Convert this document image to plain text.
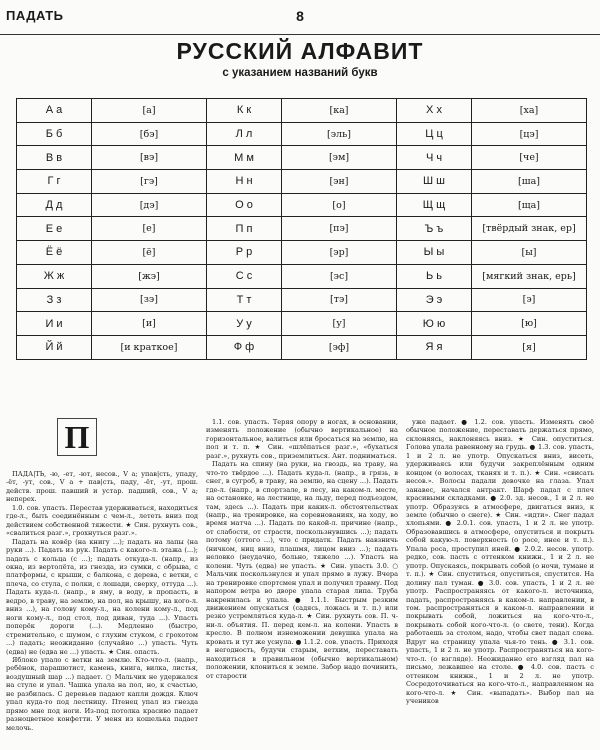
ПАДАТЬ	8
РУССКИЙ АЛФАВИТ
с указанием названий букв
А а	[а]	К к	[ка]	Х х	[ха]
Б б	[бэ]	Л л	[эль]	Ц ц	[цэ]
В в	[вэ]	М м	[эм]	Ч ч	[че]
Г г	[гэ]	Н н	[эн]	Ш ш	[ша]
Д д	[дэ]	О о	[о]	Щ щ	[ща]
Е е	[е]	П п	[пэ]	Ъ ъ	[твёрдый знак, ер]
Ё ё	[ё]	Р р	[эр]	Ы ы	[ы]
Ж ж	[жэ]	С с	[эс]	Ь ь	[мягкий знак, ерь]
З з	[зэ]	Т т	[тэ]	Э э	[э]
И и	[и]	У у	[у]	Ю ю	[ю]
Й й	[и краткое]	Ф ф	[эф]	Я я	[я]
П

ПАДА|ТЬ, -ю, -ет, -ют, несов., V а; упав|сть, упаду, -ёт, -ут, сов., V а + пав|сть, паду, -ёт, -ут, прош. действ. прош. павший и устар. падший, сов., V а; неперех.

1.0. сов. упасть. Перестав удерживаться, находиться где-л., быть соединённым с чем-л., лететь вниз под действием собственной тяжести. ★ Син. рухнуть сов., «свалиться разг.», грохнуться разг.».

Падать на ковёр (на книгу ...); падать на лапы (на руки ...). Падать из рук. Падать с какого-л. этажа (...); падать с кольца (с ...); падать откуда-л. (напр., из окна, из вертолёта, из гнезда, из сумки, с обрыва, с платформы, с крыши, с балкона, с дерева, с ветки, с плеча, со стула, с полки, с лошади, сверху, оттуда ...). Падать куда-л. (напр., в яму, в воду, в пропасть, в ведро, в траву, на землю, на пол, на крышу, на кого-л. вниз ...), на голову кому-л., на колени кому-л., под ноги кому-л., под стол, под диван, туда ...). Упасть поперёк дороги (...). Медленно (быстро, стремительно, с шумом, с глухим стуком, с грохотом ...) падать; неожиданно (случайно ...) упасть. Чуть (едва) не (едва не ...) упасть. ★ Син. опасть.

Яблоко упало с ветки на землю. Кто-что-л. (напр., ребёнок, парашютист, камень, книга, вилка, листья, воздушный шар ...) падает. ○ Мальчик не удержался на стуле и упал. Чашка упала на пол, но, к счастью, не разбилась. С деревьев падают капли дождя. Ключ упал куда-то под лестницу. Птенец упал из гнезда прямо мне под ноги. Из-под потолка красиво падает разноцветное конфетти. У меня из кошелька падает мелочь.

1.1. сов. упасть. Теряя опору в ногах, в основании, изменять положение (обычно вертикальное) на горизонтальное, валиться или бросаться на землю, на пол и т. п. ★ Син. «шлёпаться разг.», «бухаться разг.», рухнуть сов., приземлиться. Ант. подниматься.

Падать на спину (на руки, на гвоздь, на траву, на что-то твёрдое ...). Падать куда-л. (напр., в грязь, в снег, в сугроб, в траву, на землю, на сцену ...). Падать где-л. (напр., в спортзале, в лесу, на каком-л. месте, на остановке, на лестнице, на льду, перед подъездом, там, здесь ...). Падать при каких-л. обстоятельствах (напр., на тренировке, на соревнованиях, на ходу, во время матча ...). Падать по какой-л. причине (напр., от слабости, от страсти, поскользнувшись ...); падать потому (оттого ...), что с придатк. Падать навзничь (ничком, ниц вниз, плашмя, лицом вниз ...); падать неловко (неудачно, больно, тяжело ...). Упасть на колени. Чуть (едва) не упасть. ★ Син. упасть 3.0. ○ Мальчик поскользнулся и упал прямо в лужу. Вчера на тренировке спортсмен упал и получил травму. Под напором ветра во дворе упала старая липа. Труба накренилась и упала. ● 1.1.1. Быстрым резким движением опускаться (садясь, ложась и т. п.) или резко устремляться куда-л. ★ Син. рухнуть сов. П. ч-ни-л. объятия. П. перед кем-л. на колени. Упасть в кресло. В полном изнеможении девушка упала на кровать и тут же уснула. ● 1.1.2. сов. упасть. Приходя в негодность, будучи старым, ветхим, переставать находиться в правильном (обычно вертикальном) положении, клониться к земле. Забор надо починить, от старости

уже падает. ● 1.2. сов. упасть. Изменять своё обычное положение, переставать держаться прямо, склоняясь, наклоняясь вниз. ★ Син. опуститься. Голова упала равенному на грудь. ● 1.3. сов. упасть, 1 и 2 л. не употр. Опускаться вниз, висеть, удерживаясь или будучи закреплённым одним концом (о волосах, тканях и т. п.). ★ Син. «свисать несов.». Волосы падали девочке на глаза. Упал занавес, начался антракт. Шарф падал с плеч красивыми складками. ● 2.0. зд. несов., 1 и 2 л. не употр. Образуясь в атмосфере, двигаться вниз, к земле (обычно о снеге). ★ Син. «идти». Снег падал хлопьями. ● 2.0.1. сов. упасть, 1 и 2 л. не употр. Образовавшись в атмосфере, опуститься и покрыть собой какую-л. поверхность (о росе, инее и т. п.). Упала роса, проступил иней. ● 2.0.2. несов. употр. редко, сов. пасть с оттенком книжн., 1 и 2 л. не употр. Опускаясь, покрывать собой (о ночи, тумане и т. п.). ★ Син. спуститься, опуститься, спустится. На долину пал туман. ● 3.0. сов. упасть, 1 и 2 л. не употр. Распространяясь от какого-л. источника, падать, распространяясь в каком-л. направлении, в том. распространяться в каком-л. направлении и покрывать собой, ложиться на кого-что-л., покрывать собой кого-что-л. (о свете, тени). Когда работаешь за столом, надо, чтобы свет падал слева. Вдруг на страницу упала чья-то тень. ● 3.1. сов. упасть, 1 и 2 л. не употр. Распространяться на кого-что-л. (о взгляде). Неожиданно его взгляд пал на письмо, лежавшее на столе. ● 4.0. сов. пасть с оттенком книжн., 1 и 2 л. не употр. Сосредоточиваться на кого-что-л., направленном на кого-что-л. ★ Син. «выпадать». Выбор пал на учеников
